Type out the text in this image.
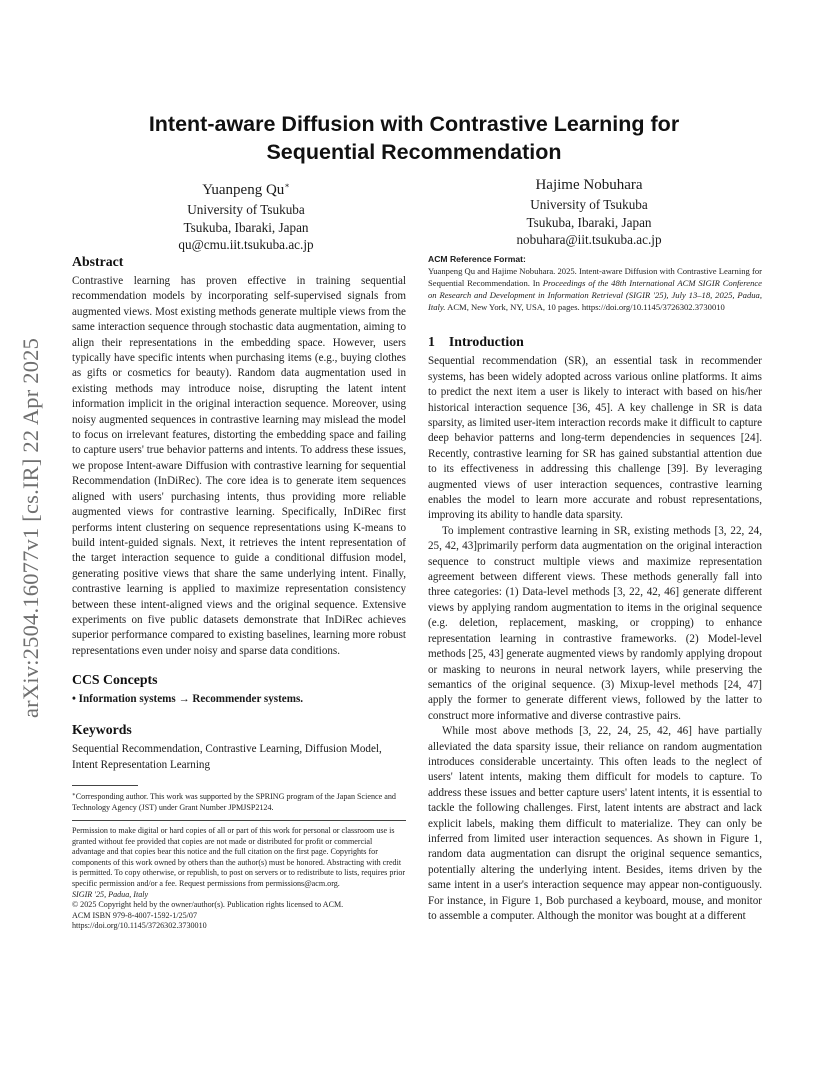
arXiv:2504.16077v1 [cs.IR] 22 Apr 2025
Intent-aware Diffusion with Contrastive Learning for
Sequential Recommendation
Yuanpeng Qu∗
University of Tsukuba
Tsukuba, Ibaraki, Japan
qu@cmu.iit.tsukuba.ac.jp
Hajime Nobuhara
University of Tsukuba
Tsukuba, Ibaraki, Japan
nobuhara@iit.tsukuba.ac.jp
Abstract
Contrastive learning has proven effective in training sequential recommendation models by incorporating self-supervised signals from augmented views. Most existing methods generate multiple views from the same interaction sequence through stochastic data augmentation, aiming to align their representations in the embedding space. However, users typically have specific intents when purchasing items (e.g., buying clothes as gifts or cosmetics for beauty). Random data augmentation used in existing methods may introduce noise, disrupting the latent intent information implicit in the original interaction sequence. Moreover, using noisy augmented sequences in contrastive learning may mislead the model to focus on irrelevant features, distorting the embedding space and failing to capture users' true behavior patterns and intents. To address these issues, we propose Intent-aware Diffusion with contrastive learning for sequential Recommendation (InDiRec). The core idea is to generate item sequences aligned with users' purchasing intents, thus providing more reliable augmented views for contrastive learning. Specifically, InDiRec first performs intent clustering on sequence representations using K-means to build intent-guided signals. Next, it retrieves the intent representation of the target interaction sequence to guide a conditional diffusion model, generating positive views that share the same underlying intent. Finally, contrastive learning is applied to maximize representation consistency between these intent-aligned views and the original sequence. Extensive experiments on five public datasets demonstrate that InDiRec achieves superior performance compared to existing baselines, learning more robust representations even under noisy and sparse data conditions.
CCS Concepts
• Information systems → Recommender systems.
Keywords
Sequential Recommendation, Contrastive Learning, Diffusion Model, Intent Representation Learning
∗Corresponding author. This work was supported by the SPRING program of the Japan Science and Technology Agency (JST) under Grant Number JPMJSP2124.
Permission to make digital or hard copies of all or part of this work for personal or classroom use is granted without fee provided that copies are not made or distributed for profit or commercial advantage and that copies bear this notice and the full citation on the first page. Copyrights for components of this work owned by others than the author(s) must be honored. Abstracting with credit is permitted. To copy otherwise, or republish, to post on servers or to redistribute to lists, requires prior specific permission and/or a fee. Request permissions from permissions@acm.org.
SIGIR '25, Padua, Italy
© 2025 Copyright held by the owner/author(s). Publication rights licensed to ACM.
ACM ISBN 979-8-4007-1592-1/25/07
https://doi.org/10.1145/3726302.3730010
ACM Reference Format:
Yuanpeng Qu and Hajime Nobuhara. 2025. Intent-aware Diffusion with Contrastive Learning for Sequential Recommendation. In Proceedings of the 48th International ACM SIGIR Conference on Research and Development in Information Retrieval (SIGIR '25), July 13–18, 2025, Padua, Italy. ACM, New York, NY, USA, 10 pages. https://doi.org/10.1145/3726302.3730010
1 Introduction
Sequential recommendation (SR), an essential task in recommender systems, has been widely adopted across various online platforms. It aims to predict the next item a user is likely to interact with based on his/her historical interaction sequence [36, 45]. A key challenge in SR is data sparsity, as limited user-item interaction records make it difficult to capture deep behavior patterns and long-term dependencies in sequences [24]. Recently, contrastive learning for SR has gained substantial attention due to its effectiveness in addressing this challenge [39]. By leveraging augmented views of user interaction sequences, contrastive learning enables the model to learn more accurate and robust representations, improving its ability to handle data sparsity.
To implement contrastive learning in SR, existing methods [3, 22, 24, 25, 42, 43]primarily perform data augmentation on the original interaction sequence to construct multiple views and maximize representation agreement between different views. These methods generally fall into three categories: (1) Data-level methods [3, 22, 42, 46] generate different views by applying random augmentation to items in the original sequence (e.g. deletion, replacement, masking, or cropping) to enhance representation learning in contrastive frameworks. (2) Model-level methods [25, 43] generate augmented views by randomly applying dropout or masking to neurons in neural network layers, while preserving the semantics of the original sequence. (3) Mixup-level methods [24, 47] apply the former to generate different views, followed by the latter to construct more informative and diverse contrastive pairs.
While most above methods [3, 22, 24, 25, 42, 46] have partially alleviated the data sparsity issue, their reliance on random augmentation introduces considerable uncertainty. This often leads to the neglect of users' latent intents, making them difficult for models to capture. To address these issues and better capture users' latent intents, it is essential to tackle the following challenges. First, latent intents are abstract and lack explicit labels, making them difficult to materialize. They can only be inferred from limited user interaction sequences. As shown in Figure 1, random data augmentation can disrupt the original sequence semantics, potentially altering the underlying intent. Besides, items driven by the same intent in a user's interaction sequence may appear non-contiguously. For instance, in Figure 1, Bob purchased a keyboard, mouse, and monitor to assemble a computer. Although the monitor was bought at a different
